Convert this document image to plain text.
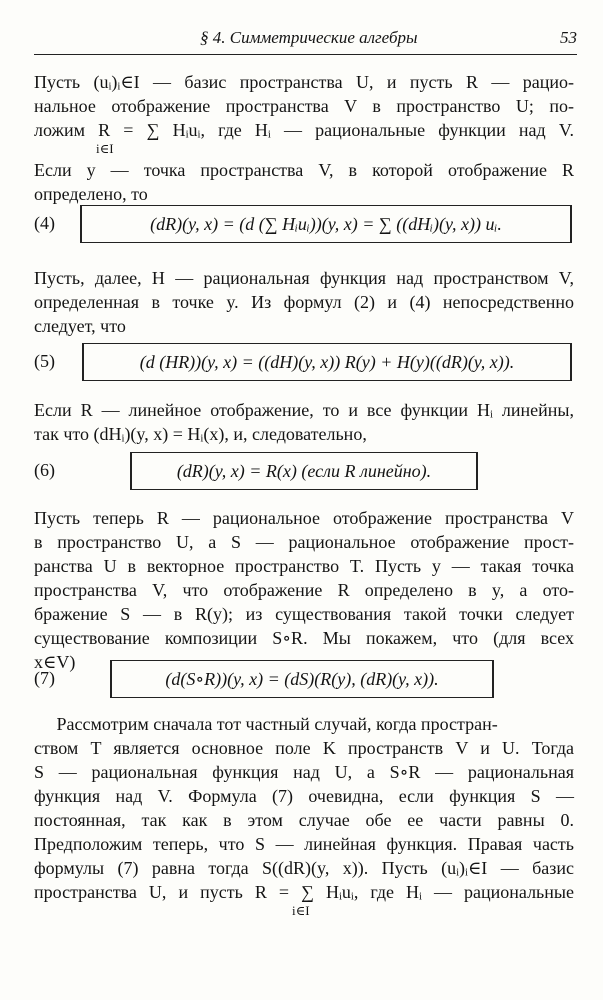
§ 4. Симметрические алгебры	53
Пусть (uᵢ)ᵢ∈I — базис пространства U, и пусть R — рацио-
нальное отображение пространства V в пространство U; по-
ложим R = ∑ Hᵢuᵢ, где Hᵢ — рациональные функции над V.
i∈I
Если y — точка пространства V, в которой отображение R
определено, то
(4)	(dR)(y, x) = (d (∑ Hᵢuᵢ))(y, x) = ∑ ((dHᵢ)(y, x)) uᵢ.
Пусть, далее, H — рациональная функция над пространством V,
определенная в точке y. Из формул (2) и (4) непосредственно
следует, что
(5)	(d (HR))(y, x) = ((dH)(y, x)) R(y) + H(y)((dR)(y, x)).
Если R — линейное отображение, то и все функции Hᵢ линейны,
так что (dHᵢ)(y, x) = Hᵢ(x), и, следовательно,
(6)	(dR)(y, x) = R(x) (если R линейно).
Пусть теперь R — рациональное отображение пространства V
в пространство U, а S — рациональное отображение прост-
ранства U в векторное пространство T. Пусть y — такая точка
пространства V, что отображение R определено в y, а ото-
бражение S — в R(y); из существования такой точки следует
существование композиции S∘R. Мы покажем, что (для всех
x∈V)
(7)	(d(S∘R))(y, x) = (dS)(R(y), (dR)(y, x)).
Рассмотрим сначала тот частный случай, когда простран-
ством T является основное поле K пространств V и U. Тогда
S — рациональная функция над U, а S∘R — рациональная
функция над V. Формула (7) очевидна, если функция S —
постоянная, так как в этом случае обе ее части равны 0.
Предположим теперь, что S — линейная функция. Правая часть
формулы (7) равна тогда S((dR)(y, x)). Пусть (uᵢ)ᵢ∈I — базис
пространства U, и пусть R = ∑ Hᵢuᵢ, где Hᵢ — рациональные
i∈I
